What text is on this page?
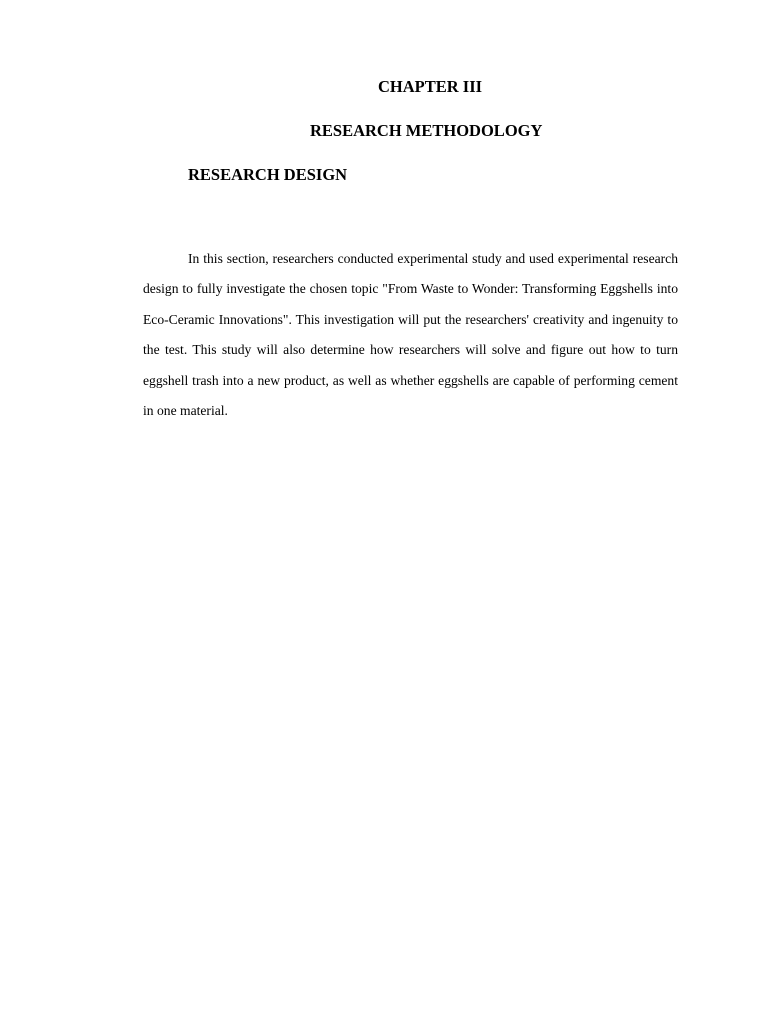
CHAPTER III
RESEARCH METHODOLOGY
RESEARCH DESIGN

In this section, researchers conducted experimental study and used experimental research design to fully investigate the chosen topic "From Waste to Wonder: Transforming Eggshells into Eco-Ceramic Innovations". This investigation will put the researchers' creativity and ingenuity to the test. This study will also determine how researchers will solve and figure out how to turn eggshell trash into a new product, as well as whether eggshells are capable of performing cement in one material.
